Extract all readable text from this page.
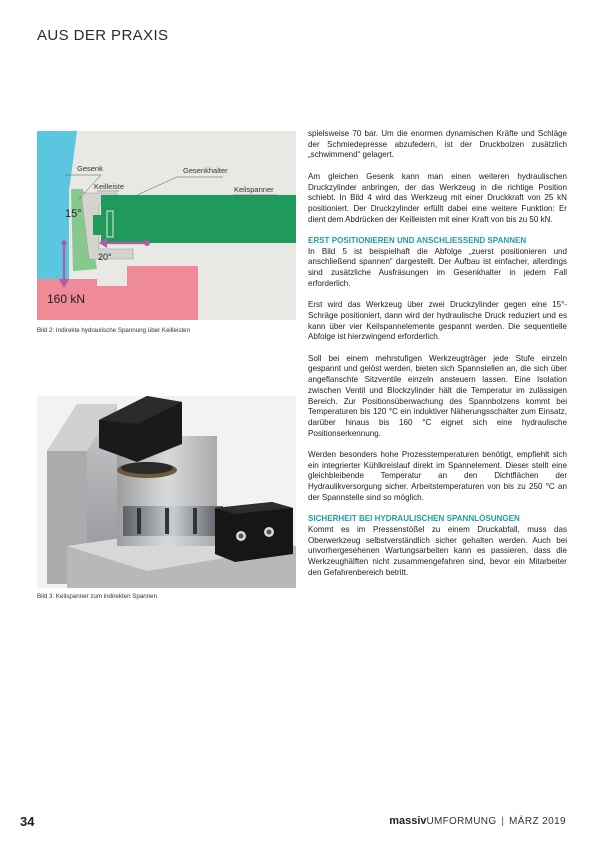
AUS DER PRAXIS
Gesenk	Gesenkhalter
Keilleiste	Keilspanner
15°
20°
160 kN
Bild 2: Indirekte hydraulische Spannung über Keilleisten
Bild 3: Keilspanner zum indirekten Spannen

spielsweise 70 bar. Um die enormen dynamischen Kräfte und Schläge der Schmiedepresse abzufedern, ist der Druckbolzen zusätzlich „schwimmend“ gelagert.

Am gleichen Gesenk kann man einen weiteren hydraulischen Druckzylinder anbringen, der das Werkzeug in die richtige Position schiebt. In Bild 4 wird das Werkzeug mit einer Druckkraft von 25 kN positioniert. Der Druckzylinder erfüllt dabei eine weitere Funktion: Er dient dem Abdrücken der Keilleisten mit einer Kraft von bis zu 50 kN.

ERST POSITIONIEREN UND ANSCHLIESSEND SPANNEN

In Bild 5 ist beispielhaft die Abfolge „zuerst positionieren und anschließend spannen“ dargestellt. Der Aufbau ist einfacher, allerdings sind zusätzliche Ausfräsungen im Gesenkhalter in jedem Fall erforderlich.

Erst wird das Werkzeug über zwei Druckzylinder gegen eine 15°-Schräge positioniert, dann wird der hydraulische Druck reduziert und es kann über vier Keilspannelemente gespannt werden. Die sequentielle Abfolge ist hierzwingend erforderlich.

Soll bei einem mehrstufigen Werkzeugträger jede Stufe einzeln gespannt und gelöst werden, bieten sich Spannstellen an, die sich über angeflanschte Sitzventile einzeln ansteuern lassen. Eine Isolation zwischen Ventil und Blockzylinder hält die Temperatur im zulässigen Bereich. Zur Positionsüberwachung des Spannbolzens kommt bei Temperaturen bis 120 °C ein induktiver Näherungsschalter zum Einsatz, darüber hinaus bis 160 °C eignet sich eine hydraulische Positionserkennung.

Werden besonders hohe Prozesstemperaturen benötigt, empfiehlt sich ein integrierter Kühlkreislauf direkt im Spannelement. Dieser stellt eine gleichbleibende Temperatur an den Dichtflächen der Hydraulikversorgung sicher. Arbeitstemperaturen von bis zu 250 °C an der Spannstelle sind so möglich.

SICHERHEIT BEI HYDRAULISCHEN SPANNLÖSUNGEN

Kommt es im Pressenstößel zu einem Druckabfall, muss das Oberwerkzeug selbstverständlich sicher gehalten werden. Auch bei unvorhergesehenen Wartungsarbeiten kann es passieren, dass die Werkzeughälften nicht zusammengefahren sind, bevor ein Mitarbeiter den Gefahrenbereich betritt.

34	massivUMFORMUNG | MÄRZ 2019
